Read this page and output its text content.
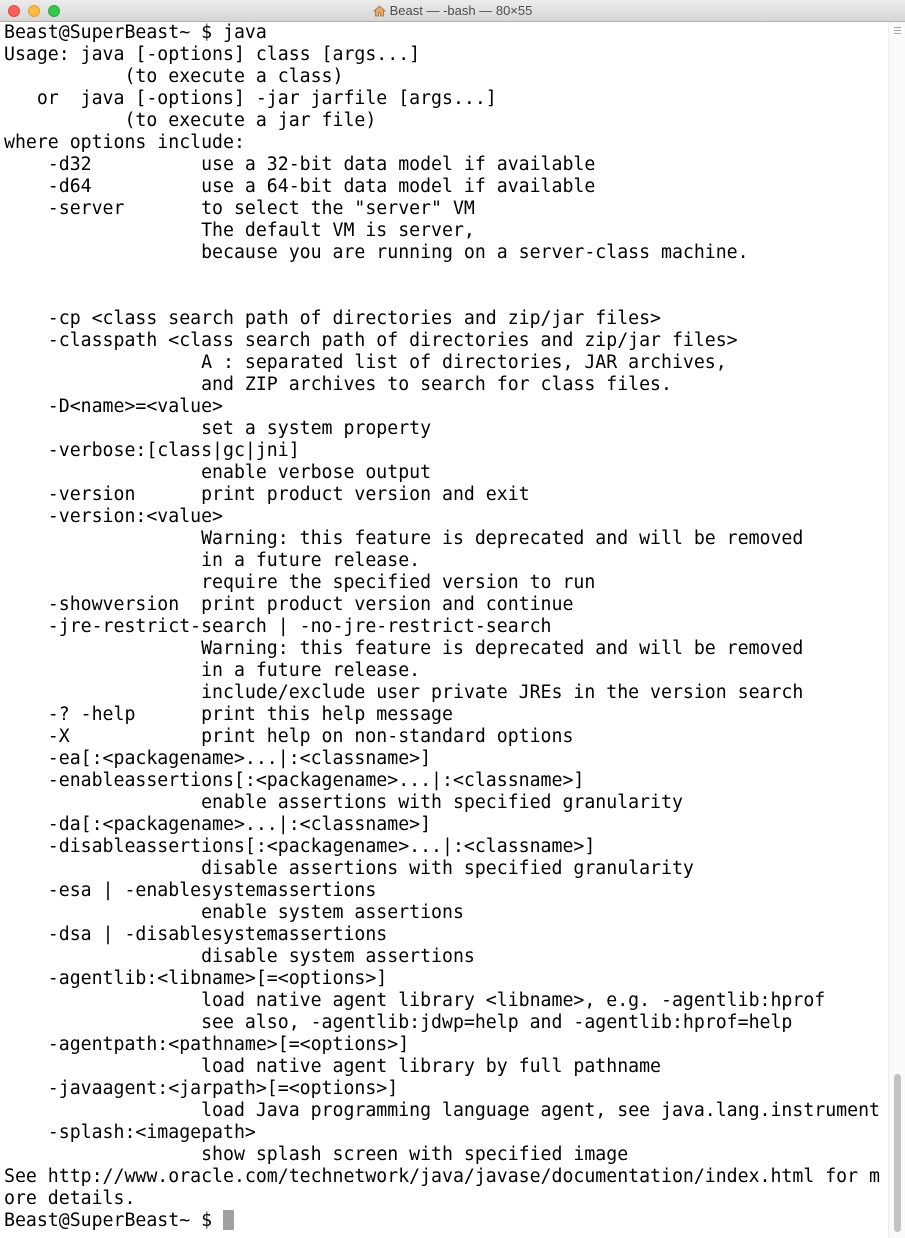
Beast — -bash — 80×55
Beast@SuperBeast~ $ java
Usage: java [-options] class [args...]
(to execute a class)
or  java [-options] -jar jarfile [args...]
(to execute a jar file)
where options include:
-d32          use a 32-bit data model if available
-d64          use a 64-bit data model if available
-server       to select the "server" VM
The default VM is server,
because you are running on a server-class machine.
-cp <class search path of directories and zip/jar files>
-classpath <class search path of directories and zip/jar files>
A : separated list of directories, JAR archives,
and ZIP archives to search for class files.
-D<name>=<value>
set a system property
-verbose:[class|gc|jni]
enable verbose output
-version      print product version and exit
-version:<value>
Warning: this feature is deprecated and will be removed
in a future release.
require the specified version to run
-showversion  print product version and continue
-jre-restrict-search | -no-jre-restrict-search
Warning: this feature is deprecated and will be removed
in a future release.
include/exclude user private JREs in the version search
-? -help      print this help message
-X            print help on non-standard options
-ea[:<packagename>...|:<classname>]
-enableassertions[:<packagename>...|:<classname>]
enable assertions with specified granularity
-da[:<packagename>...|:<classname>]
-disableassertions[:<packagename>...|:<classname>]
disable assertions with specified granularity
-esa | -enablesystemassertions
enable system assertions
-dsa | -disablesystemassertions
disable system assertions
-agentlib:<libname>[=<options>]
load native agent library <libname>, e.g. -agentlib:hprof
see also, -agentlib:jdwp=help and -agentlib:hprof=help
-agentpath:<pathname>[=<options>]
load native agent library by full pathname
-javaagent:<jarpath>[=<options>]
load Java programming language agent, see java.lang.instrument
-splash:<imagepath>
show splash screen with specified image
See http://www.oracle.com/technetwork/java/javase/documentation/index.html for m
ore details.
Beast@SuperBeast~ $
